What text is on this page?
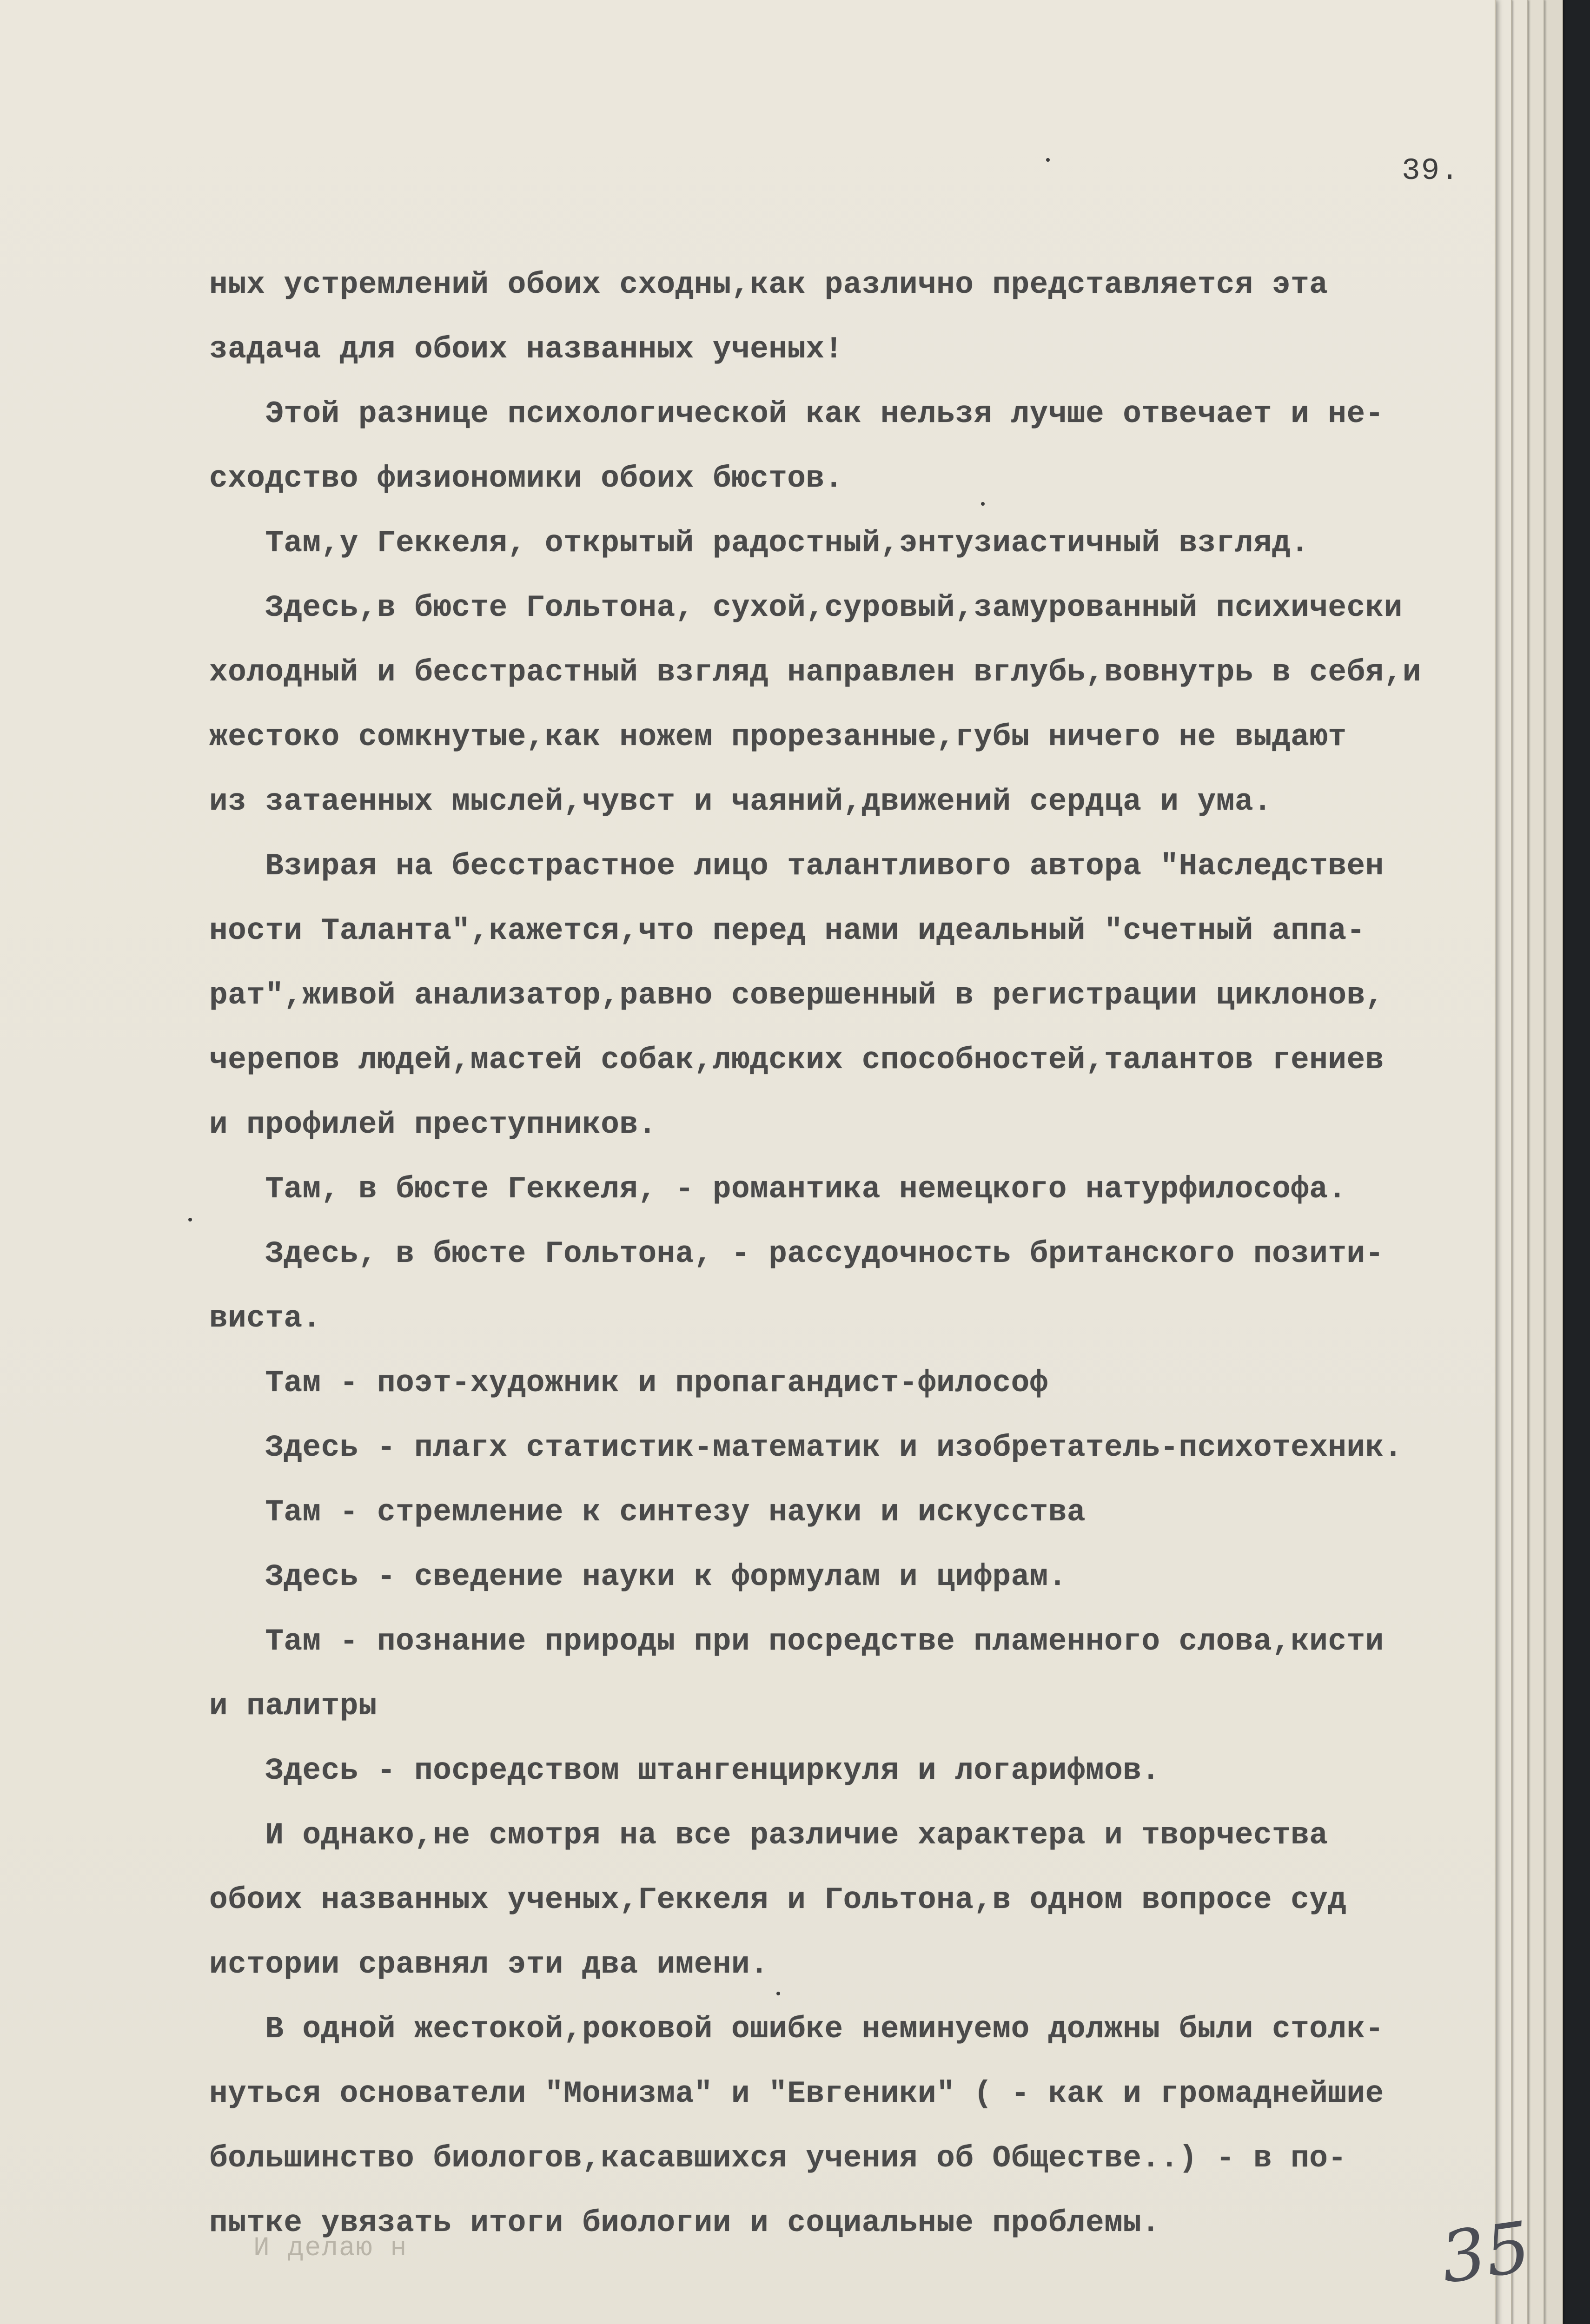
39.
ных устремлений обоих сходны,как различно представляется эта
задача для обоих названных ученых!
Этой разнице психологической как нельзя лучше отвечает и не-
сходство физиономики обоих бюстов.
Там,у Геккеля, открытый радостный,энтузиастичный взгляд.
Здесь,в бюсте Гольтона, сухой,суровый,замурованный психически
холодный и бесстрастный взгляд направлен вглубь,вовнутрь в себя,и
жестоко сомкнутые,как ножем прорезанные,губы ничего не выдают
из затаенных мыслей,чувст и чаяний,движений сердца и ума.
Взирая на бесстрастное лицо талантливого автора "Наследствен
ности Таланта",кажется,что перед нами идеальный "счетный аппа-
рат",живой анализатор,равно совершенный в регистрации циклонов,
черепов людей,мастей собак,людских способностей,талантов гениев
и профилей преступников.
Там, в бюсте Геккеля, - романтика немецкого натурфилософа.
Здесь, в бюсте Гольтона, - рассудочность британского позити-
виста.
Там - поэт-художник и пропагандист-философ
Здесь - плагх статистик-математик и изобретатель-психотехник.
Там - стремление к синтезу науки и искусства
Здесь - сведение науки к формулам и цифрам.
Там - познание природы при посредстве пламенного слова,кисти
и палитры
Здесь - посредством штангенциркуля и логарифмов.
И однако,не смотря на все различие характера и творчества
обоих названных ученых,Геккеля и Гольтона,в одном вопросе суд
истории сравнял эти два имени.
В одной жестокой,роковой ошибке неминуемо должны были столк-
нуться основатели "Монизма" и "Евгеники" ( - как и громаднейшие
большинство биологов,касавшихся учения об Обществе..) - в по-
пытке увязать итоги биологии и социальные проблемы.
И делаю н	35
